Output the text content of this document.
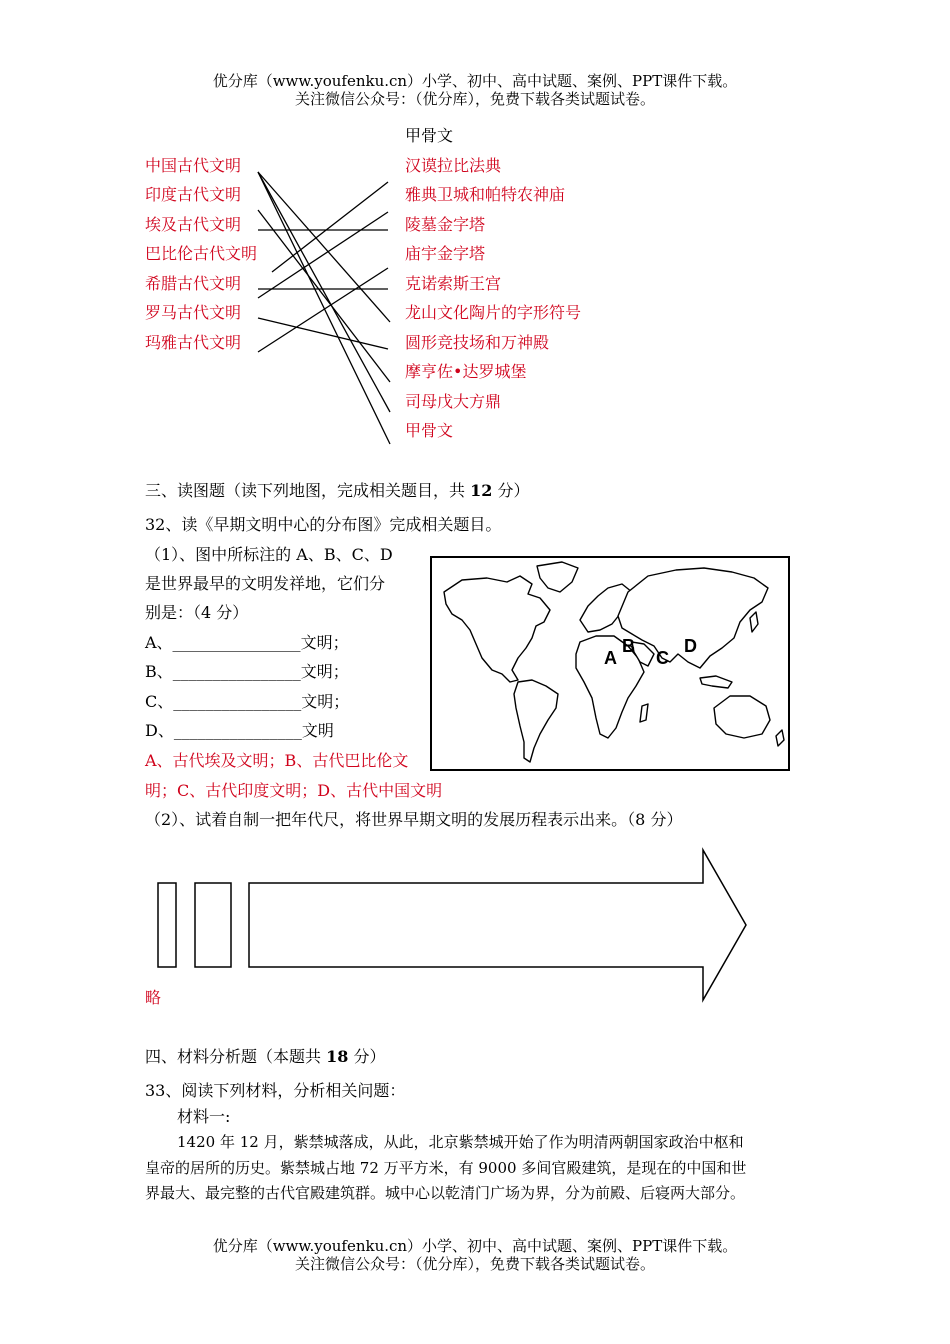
优分库（www.youfenku.cn）小学、初中、高中试题、案例、PPT课件下载。
关注微信公众号：（优分库），免费下载各类试题试卷。
甲骨文
中国古代文明
印度古代文明
埃及古代文明
巴比伦古代文明
希腊古代文明
罗马古代文明
玛雅古代文明
汉谟拉比法典
雅典卫城和帕特农神庙
陵墓金字塔
庙宇金字塔
克诺索斯王宫
龙山文化陶片的字形符号
圆形竞技场和万神殿
摩亨佐•达罗城堡
司母戊大方鼎
甲骨文
三、读图题（读下列地图，完成相关题目，共 12 分）
32、读《早期文明中心的分布图》完成相关题目。
（1）、图中所标注的 A、B、C、D
是世界最早的文明发祥地，它们分
别是：（4 分）
A、________________文明；
B、________________文明；
C、________________文明；
D、________________文明
A、古代埃及文明；B、古代巴比伦文
明；C、古代印度文明；D、古代中国文明
A
B
C
D
（2）、试着自制一把年代尺，将世界早期文明的发展历程表示出来。（8 分）
略
四、材料分析题（本题共 18 分）
33、阅读下列材料，分析相关问题：
材料一:
1420 年 12 月，紫禁城落成，从此，北京紫禁城开始了作为明清两朝国家政治中枢和
皇帝的居所的历史。紫禁城占地 72 万平方米，有 9000 多间官殿建筑，是现在的中国和世
界最大、最完整的古代官殿建筑群。城中心以乾清门广场为界，分为前殿、后寝两大部分。
优分库（www.youfenku.cn）小学、初中、高中试题、案例、PPT课件下载。
关注微信公众号：（优分库），免费下载各类试题试卷。
